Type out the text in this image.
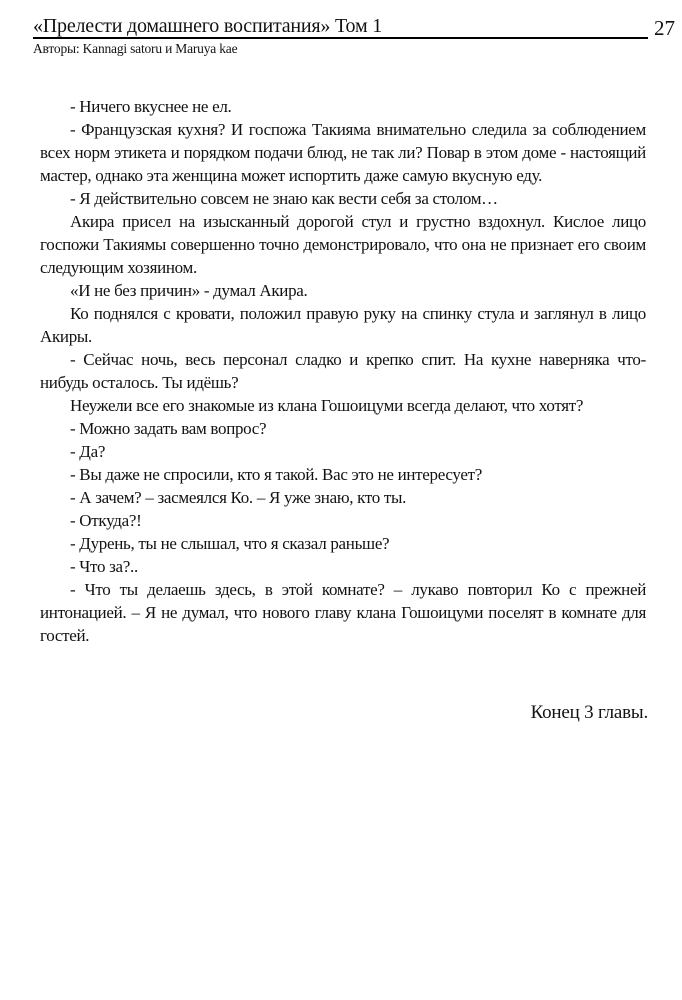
«Прелести домашнего воспитания» Том 1	27
Авторы: Kannagi satoru и Maruya kae

- Ничего вкуснее не ел.

- Французская кухня? И госпожа Такияма внимательно следила за соблюдением всех норм этикета и порядком подачи блюд, не так ли? Повар в этом доме - настоящий мастер, однако эта женщина может испортить даже самую вкусную еду.

- Я действительно совсем не знаю как вести себя за столом…

Акира присел на изысканный дорогой стул и грустно вздохнул. Кислое лицо госпожи Такиямы совершенно точно демонстрировало, что она не признает его своим следующим хозяином.

«И не без причин» - думал Акира.

Ко поднялся с кровати, положил правую руку на спинку стула и заглянул в лицо Акиры.

- Сейчас ночь, весь персонал сладко и крепко спит. На кухне наверняка что-нибудь осталось. Ты идёшь?

Неужели все его знакомые из клана Гошоицуми всегда делают, что хотят?

- Можно задать вам вопрос?

- Да?

- Вы даже не спросили, кто я такой. Вас это не интересует?

- А зачем? – засмеялся Ко. – Я уже знаю, кто ты.

- Откуда?!

- Дурень, ты не слышал, что я сказал раньше?

- Что за?..

- Что ты делаешь здесь, в этой комнате? – лукаво повторил Ко с прежней интонацией. – Я не думал, что нового главу клана Гошоицуми поселят в комнате для гостей.

Конец 3 главы.
